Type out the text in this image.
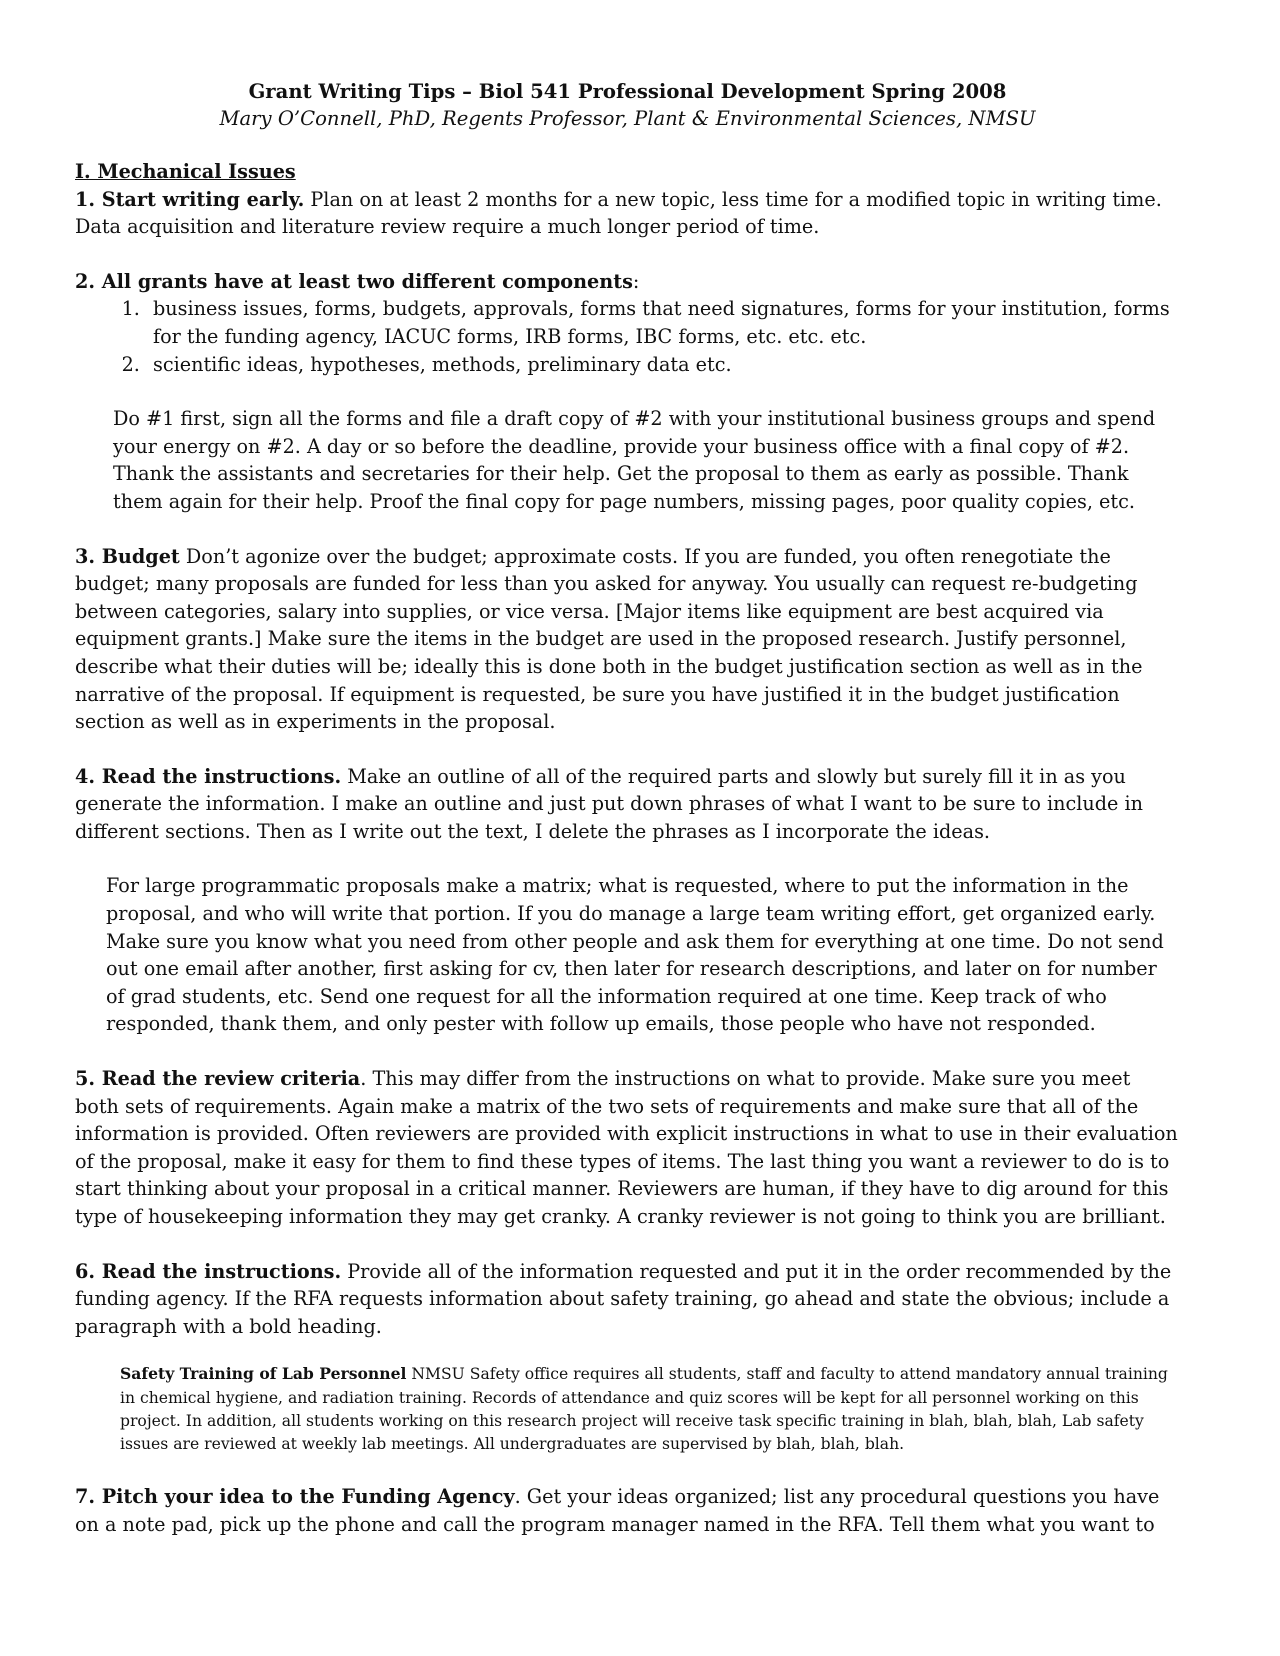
Grant Writing Tips – Biol 541 Professional Development Spring 2008

Mary O’Connell, PhD, Regents Professor, Plant & Environmental Sciences, NMSU

I. Mechanical Issues

1. Start writing early. Plan on at least 2 months for a new topic, less time for a modified topic in writing time. Data acquisition and literature review require a much longer period of time.

2. All grants have at least two different components:

1. business issues, forms, budgets, approvals, forms that need signatures, forms for your institution, forms for the funding agency, IACUC forms, IRB forms, IBC forms, etc. etc. etc.
2. scientific ideas, hypotheses, methods, preliminary data etc.

Do #1 first, sign all the forms and file a draft copy of #2 with your institutional business groups and spend your energy on #2. A day or so before the deadline, provide your business office with a final copy of #2. Thank the assistants and secretaries for their help. Get the proposal to them as early as possible. Thank them again for their help. Proof the final copy for page numbers, missing pages, poor quality copies, etc.

3. Budget Don’t agonize over the budget; approximate costs. If you are funded, you often renegotiate the budget; many proposals are funded for less than you asked for anyway. You usually can request re-budgeting between categories, salary into supplies, or vice versa. [Major items like equipment are best acquired via equipment grants.] Make sure the items in the budget are used in the proposed research. Justify personnel, describe what their duties will be; ideally this is done both in the budget justification section as well as in the narrative of the proposal. If equipment is requested, be sure you have justified it in the budget justification section as well as in experiments in the proposal.

4. Read the instructions. Make an outline of all of the required parts and slowly but surely fill it in as you generate the information. I make an outline and just put down phrases of what I want to be sure to include in different sections. Then as I write out the text, I delete the phrases as I incorporate the ideas.

For large programmatic proposals make a matrix; what is requested, where to put the information in the proposal, and who will write that portion. If you do manage a large team writing effort, get organized early. Make sure you know what you need from other people and ask them for everything at one time. Do not send out one email after another, first asking for cv, then later for research descriptions, and later on for number of grad students, etc. Send one request for all the information required at one time. Keep track of who responded, thank them, and only pester with follow up emails, those people who have not responded.

5. Read the review criteria. This may differ from the instructions on what to provide. Make sure you meet both sets of requirements. Again make a matrix of the two sets of requirements and make sure that all of the information is provided. Often reviewers are provided with explicit instructions in what to use in their evaluation of the proposal, make it easy for them to find these types of items. The last thing you want a reviewer to do is to start thinking about your proposal in a critical manner. Reviewers are human, if they have to dig around for this type of housekeeping information they may get cranky. A cranky reviewer is not going to think you are brilliant.

6. Read the instructions. Provide all of the information requested and put it in the order recommended by the funding agency. If the RFA requests information about safety training, go ahead and state the obvious; include a paragraph with a bold heading.

Safety Training of Lab Personnel NMSU Safety office requires all students, staff and faculty to attend mandatory annual training in chemical hygiene, and radiation training. Records of attendance and quiz scores will be kept for all personnel working on this project. In addition, all students working on this research project will receive task specific training in blah, blah, blah, Lab safety issues are reviewed at weekly lab meetings. All undergraduates are supervised by blah, blah, blah.

7. Pitch your idea to the Funding Agency. Get your ideas organized; list any procedural questions you have on a note pad, pick up the phone and call the program manager named in the RFA. Tell them what you want to
